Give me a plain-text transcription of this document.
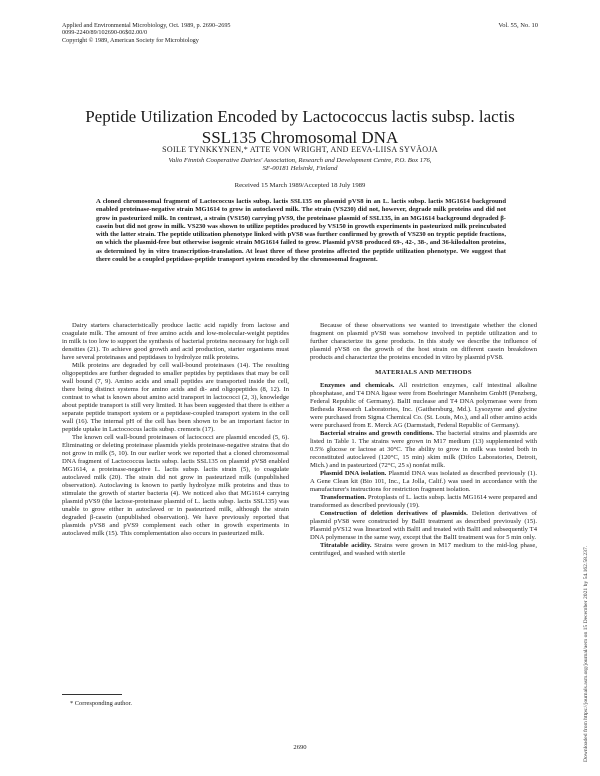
Applied and Environmental Microbiology, Oct. 1989, p. 2690–2695
0099-2240/89/102690-06$02.00/0
Copyright © 1989, American Society for Microbiology
Vol. 55, No. 10
Peptide Utilization Encoded by Lactococcus lactis subsp. lactis
SSL135 Chromosomal DNA
SOILE TYNKKYNEN,* ATTE VON WRIGHT, AND EEVA-LIISA SYVÄOJA
Valio Finnish Cooperative Dairies' Association, Research and Development Centre, P.O. Box 176,
SF-00181 Helsinki, Finland
Received 15 March 1989/Accepted 18 July 1989

A cloned chromosomal fragment of Lactococcus lactis subsp. lactis SSL135 on plasmid pVS8 in an L. lactis subsp. lactis MG1614 background enabled proteinase-negative strain MG1614 to grow in autoclaved milk. The strain (VS230) did not, however, degrade milk proteins and did not grow in pasteurized milk. In contrast, a strain (VS150) carrying pVS9, the proteinase plasmid of SSL135, in an MG1614 background degraded β-casein but did not grow in milk. VS230 was shown to utilize peptides produced by VS150 in growth experiments in pasteurized milk preincubated with the latter strain. The peptide utilization phenotype linked with pVS8 was further confirmed by growth of VS230 on tryptic peptide fractions, on which the plasmid-free but otherwise isogenic strain MG1614 failed to grow. Plasmid pVS8 produced 69-, 42-, 38-, and 36-kilodalton proteins, as determined by in vitro transcription-translation. At least three of these proteins affected the peptide utilization phenotype. We suggest that there could be a coupled peptidase-peptide transport system encoded by the chromosomal fragment.

Dairy starters characteristically produce lactic acid rapidly from lactose and coagulate milk. The amount of free amino acids and low-molecular-weight peptides in milk is too low to support the synthesis of bacterial proteins necessary for high cell densities (21). To achieve good growth and acid production, starter organisms must have several proteinases and peptidases to hydrolyze milk proteins.

Milk proteins are degraded by cell wall-bound proteinases (14). The resulting oligopeptides are further degraded to smaller peptides by peptidases that may be cell wall bound (7, 9). Amino acids and small peptides are transported inside the cell, there being distinct systems for amino acids and di- and oligopeptides (8, 12). In contrast to what is known about amino acid transport in lactococci (2, 3), knowledge about peptide transport is still very limited. It has been suggested that there is either a separate peptide transport system or a peptidase-coupled transport system in the cell wall (16). The internal pH of the cell has been shown to be an important factor in peptide uptake in Lactococcus lactis subsp. cremoris (17).

The known cell wall-bound proteinases of lactococci are plasmid encoded (5, 6). Eliminating or deleting proteinase plasmids yields proteinase-negative strains that do not grow in milk (5, 10). In our earlier work we reported that a cloned chromosomal DNA fragment of Lactococcus lactis subsp. lactis SSL135 on plasmid pVS8 enabled MG1614, a proteinase-negative L. lactis subsp. lactis strain (5), to coagulate autoclaved milk (20). The strain did not grow in pasteurized milk (unpublished observation). Autoclaving is known to partly hydrolyze milk proteins and thus to stimulate the growth of starter bacteria (4). We noticed also that MG1614 carrying plasmid pVS9 (the lactose-proteinase plasmid of L. lactis subsp. lactis SSL135) was unable to grow either in autoclaved or in pasteurized milk, although the strain degraded β-casein (unpublished observation). We have previously reported that plasmids pVS8 and pVS9 complement each other in growth experiments in autoclaved milk (15). This complementation also occurs in pasteurized milk.

Because of these observations we wanted to investigate whether the cloned fragment on plasmid pVS8 was somehow involved in peptide utilization and to further characterize its gene products. In this study we describe the influence of plasmid pVS8 on the growth of the host strain on different casein breakdown products and characterize the proteins encoded in vitro by plasmid pVS8.

MATERIALS AND METHODS

Enzymes and chemicals. All restriction enzymes, calf intestinal alkaline phosphatase, and T4 DNA ligase were from Boehringer Mannheim GmbH (Penzberg, Federal Republic of Germany). BalII nuclease and T4 DNA polymerase were from Bethesda Research Laboratories, Inc. (Gaithersburg, Md.). Lysozyme and glycine were purchased from Sigma Chemical Co. (St. Louis, Mo.), and all other amino acids were purchased from E. Merck AG (Darmstadt, Federal Republic of Germany).

Bacterial strains and growth conditions. The bacterial strains and plasmids are listed in Table 1. The strains were grown in M17 medium (13) supplemented with 0.5% glucose or lactose at 30°C. The ability to grow in milk was tested both in reconstituted autoclaved (120°C, 15 min) skim milk (Difco Laboratories, Detroit, Mich.) and in pasteurized (72°C, 25 s) nonfat milk.

Plasmid DNA isolation. Plasmid DNA was isolated as described previously (1). A Gene Clean kit (Bio 101, Inc., La Jolla, Calif.) was used in accordance with the manufacturer's instructions for restriction fragment isolation.

Transformation. Protoplasts of L. lactis subsp. lactis MG1614 were prepared and transformed as described previously (19).

Construction of deletion derivatives of plasmids. Deletion derivatives of plasmid pVS8 were constructed by BalII treatment as described previously (15). Plasmid pVS12 was linearized with BalII and treated with BalII and subsequently T4 DNA polymerase in the same way, except that the BalII treatment was for 5 min only.

Titratable acidity. Strains were grown in M17 medium to the mid-log phase, centrifuged, and washed with sterile

* Corresponding author.
2690	Downloaded from https://journals.asm.org/journal/aem on 15 December 2021 by 54.162.58.237.
